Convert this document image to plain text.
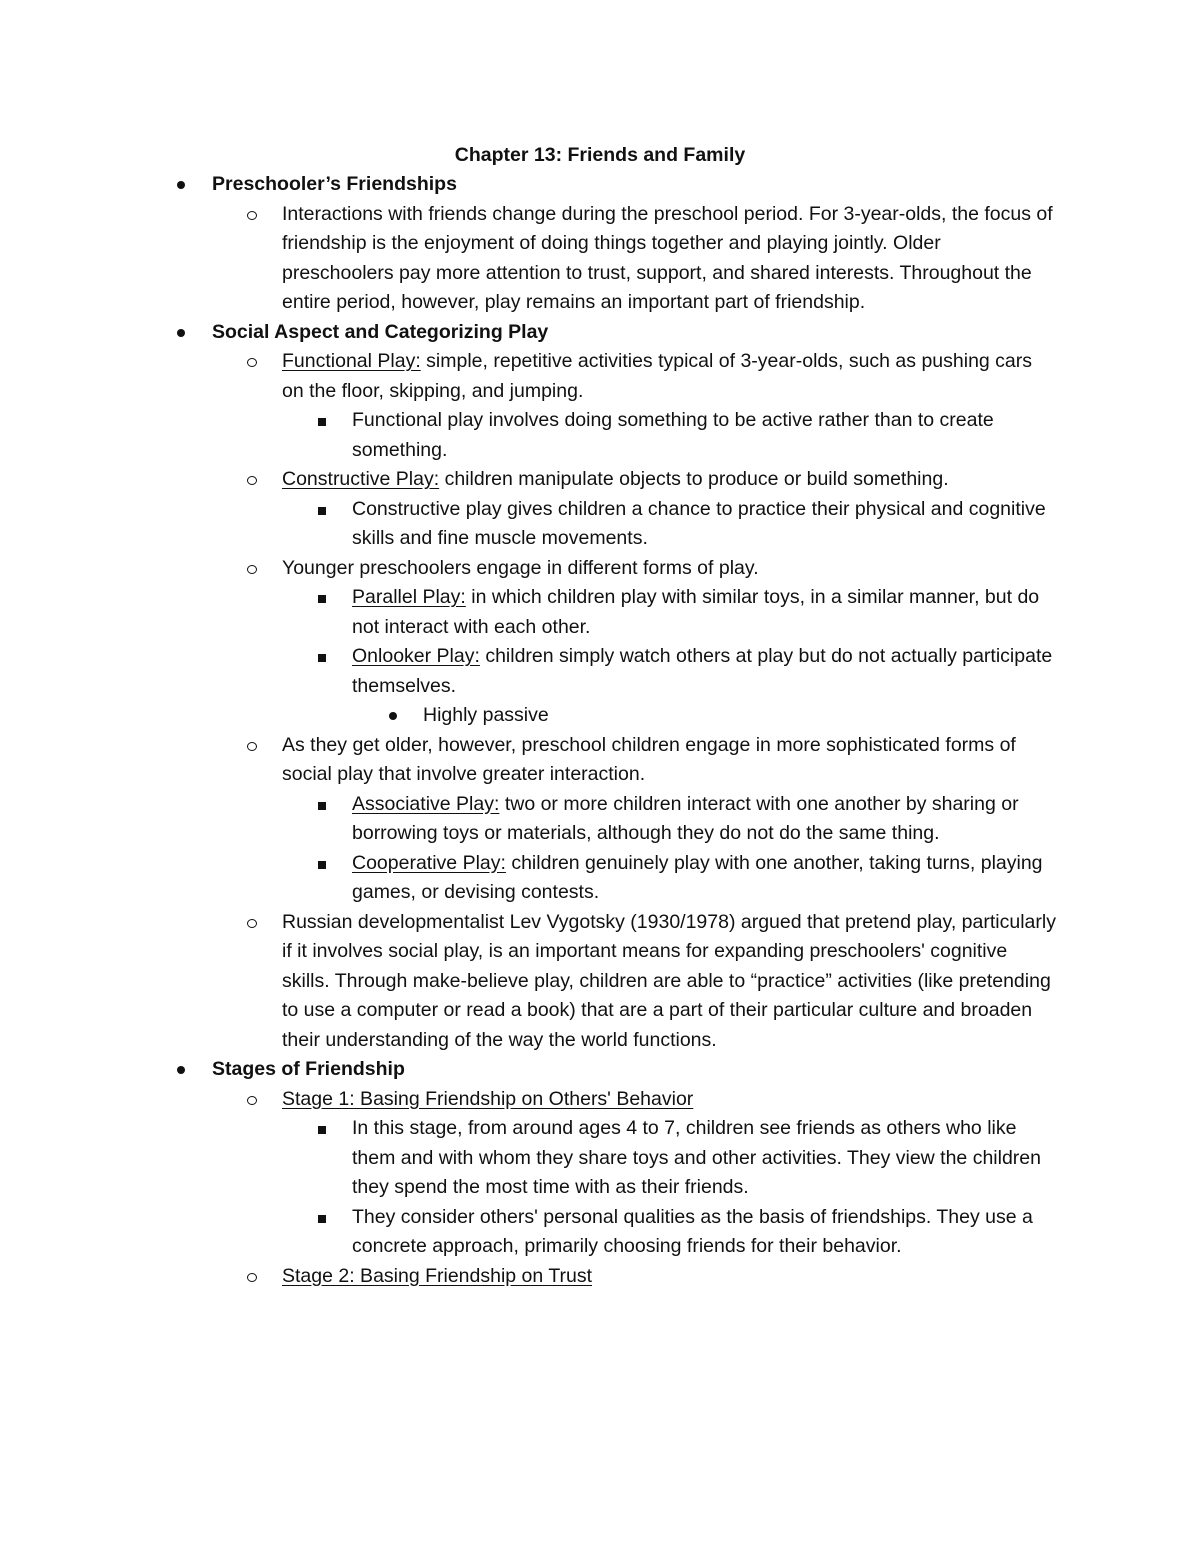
Chapter 13: Friends and Family
Preschooler’s Friendships
Interactions with friends change during the preschool period. For 3-year-olds, the focus of friendship is the enjoyment of doing things together and playing jointly. Older preschoolers pay more attention to trust, support, and shared interests. Throughout the entire period, however, play remains an important part of friendship.
Social Aspect and Categorizing Play
Functional Play: simple, repetitive activities typical of 3-year-olds, such as pushing cars on the floor, skipping, and jumping.
Functional play involves doing something to be active rather than to create something.
Constructive Play: children manipulate objects to produce or build something.
Constructive play gives children a chance to practice their physical and cognitive skills and fine muscle movements.
Younger preschoolers engage in different forms of play.
Parallel Play: in which children play with similar toys, in a similar manner, but do not interact with each other.
Onlooker Play: children simply watch others at play but do not actually participate themselves.
Highly passive
As they get older, however, preschool children engage in more sophisticated forms of social play that involve greater interaction.
Associative Play: two or more children interact with one another by sharing or borrowing toys or materials, although they do not do the same thing.
Cooperative Play: children genuinely play with one another, taking turns, playing games, or devising contests.
Russian developmentalist Lev Vygotsky (1930/1978) argued that pretend play, particularly if it involves social play, is an important means for expanding preschoolers' cognitive skills. Through make-believe play, children are able to “practice” activities (like pretending to use a computer or read a book) that are a part of their particular culture and broaden their understanding of the way the world functions.
Stages of Friendship
Stage 1: Basing Friendship on Others' Behavior
In this stage, from around ages 4 to 7, children see friends as others who like them and with whom they share toys and other activities. They view the children they spend the most time with as their friends.
They consider others' personal qualities as the basis of friendships. They use a concrete approach, primarily choosing friends for their behavior.
Stage 2: Basing Friendship on Trust
